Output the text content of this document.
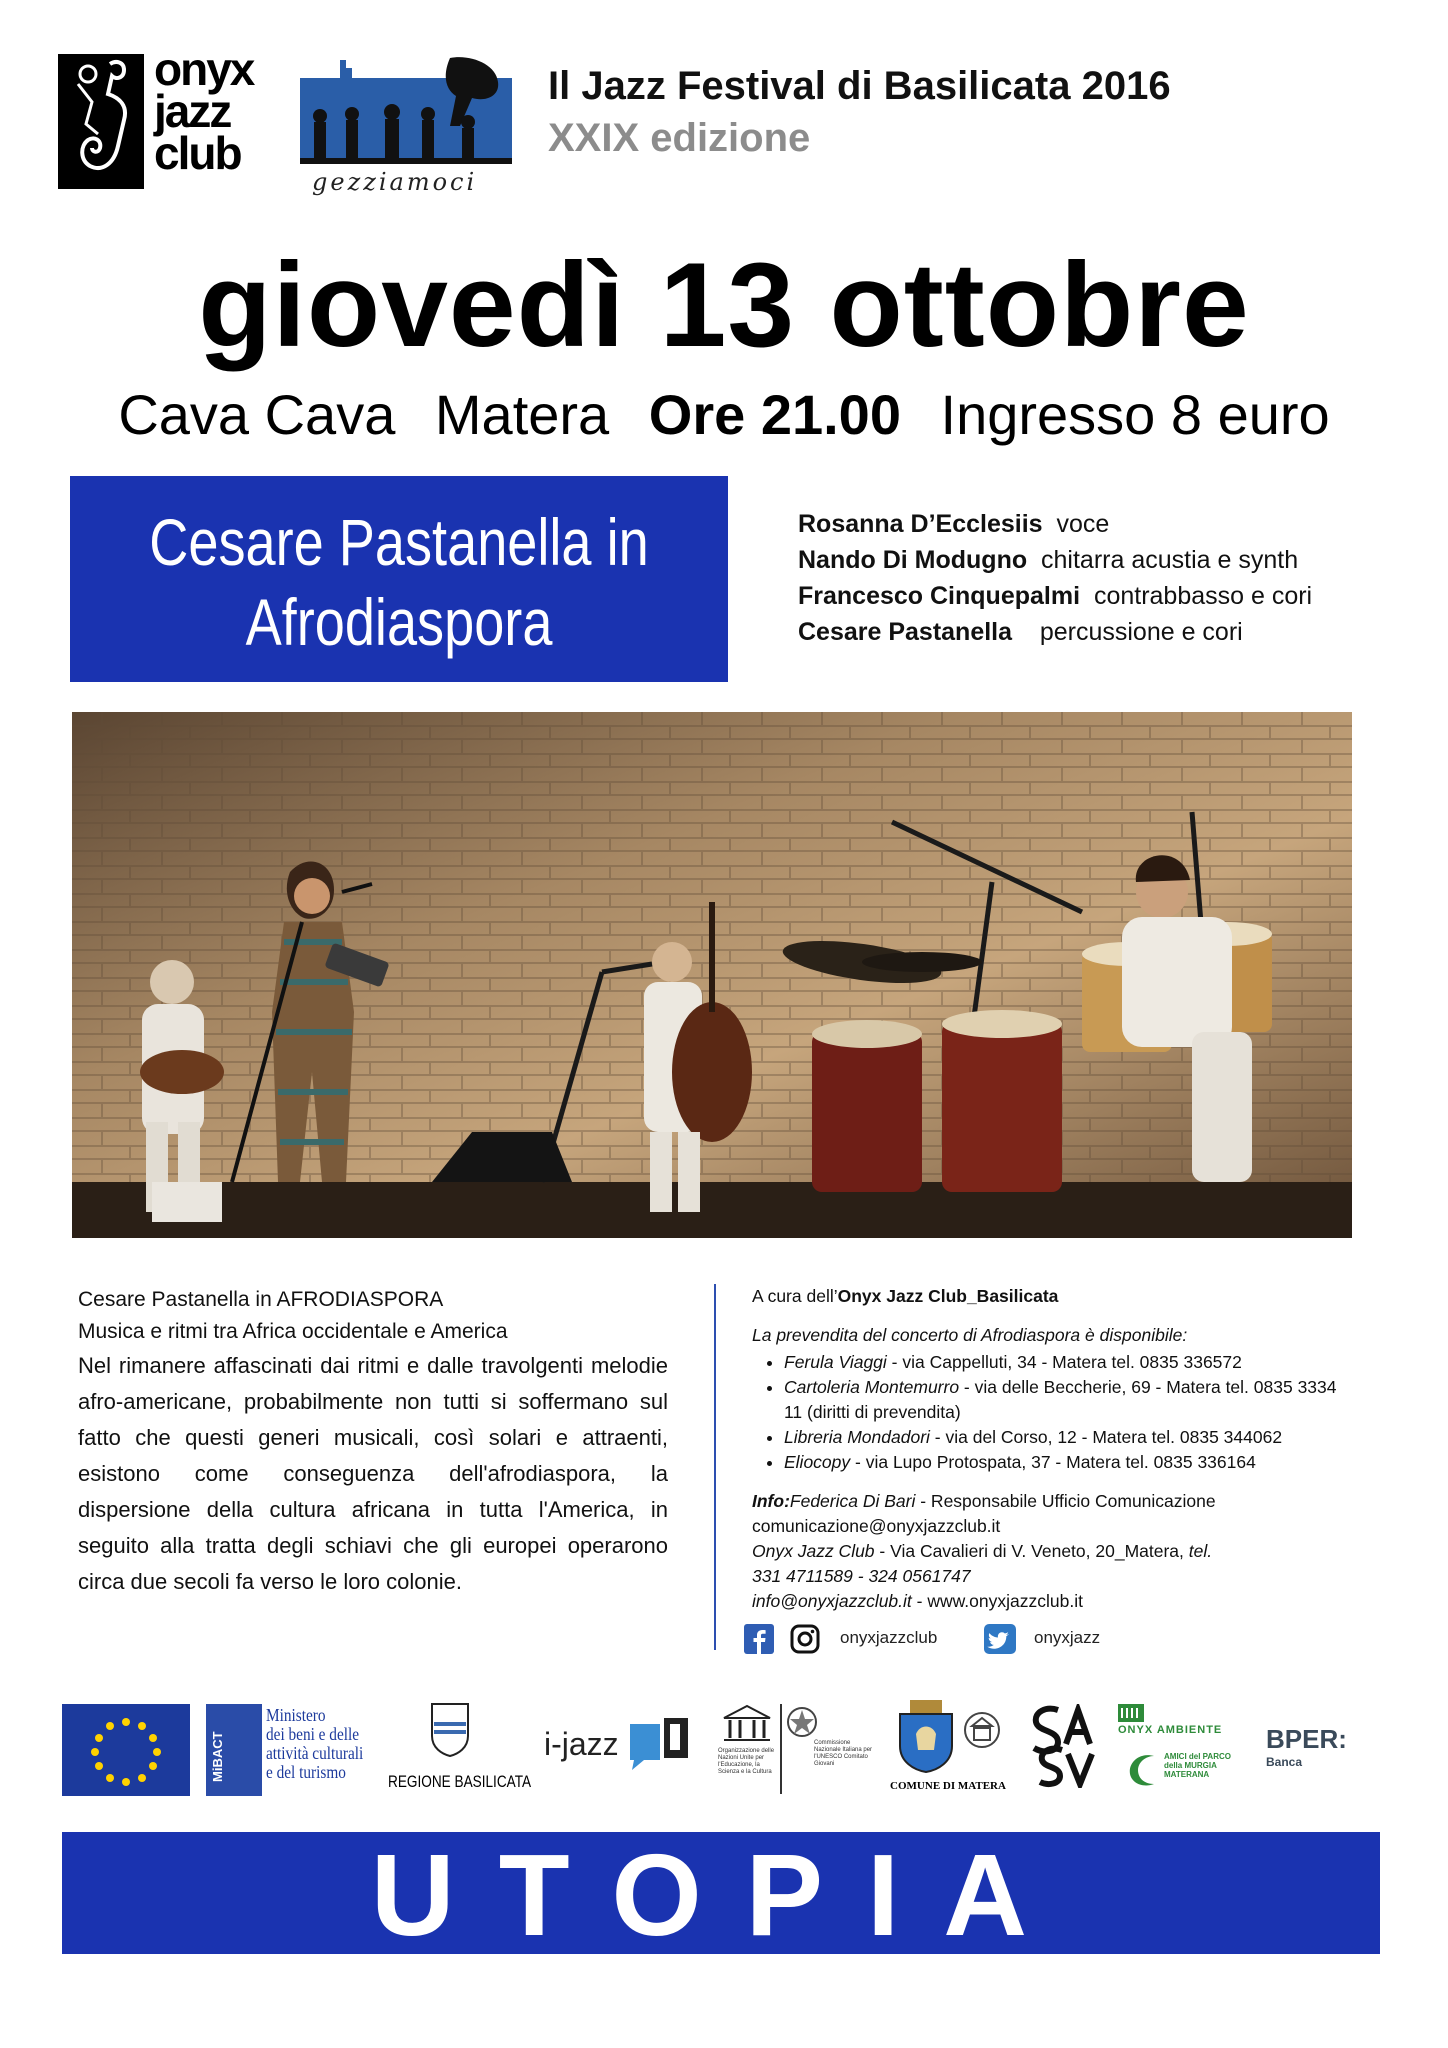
onyx
jazz
club
gezziamoci
Il Jazz Festival di Basilicata 2016
XXIX edizione
giovedì 13 ottobre
Cava Cava Matera Ore 21.00 Ingresso 8 euro
Cesare Pastanella in
Afrodiaspora
Rosanna D’Ecclesiis voce
Nando Di Modugno chitarra acustia e synth
Francesco Cinquepalmi contrabbasso e cori
Cesare Pastanella percussione e cori
Cesare Pastanella in AFRODIASPORA
Musica e ritmi tra Africa occidentale e America
Nel rimanere affascinati dai ritmi e dalle travolgenti melodie afro-americane, probabilmente non tutti si soffermano sul fatto che questi generi musicali, così solari e attraenti, esistono come conseguenza dell'afrodiaspora, la dispersione della cultura africana in tutta l'America, in seguito alla tratta degli schiavi che gli europei operarono circa due secoli fa verso le loro colonie.

A cura dell’Onyx Jazz Club_Basilicata

La prevendita del concerto di Afrodiaspora è disponibile:

• Ferula Viaggi - via Cappelluti, 34 - Matera tel. 0835 336572
• Cartoleria Montemurro - via delle Beccherie, 69 - Matera tel. 0835 3334 11 (diritti di prevendita)
• Libreria Mondadori - via del Corso, 12 - Matera tel. 0835 344062
• Eliocopy - via Lupo Protospata, 37 - Matera tel. 0835 336164

Info:Federica Di Bari - Responsabile Ufficio Comunicazione

comunicazione@onyxjazzclub.it

Onyx Jazz Club - Via Cavalieri di V. Veneto, 20_Matera, tel. 331 4711589 - 324 0561747

info@onyxjazzclub.it - www.onyxjazzclub.it

onyxjazzclub	onyxjazz
MiBACT
Ministero
dei beni e delle
attività culturali
e del turismo	REGIONE BASILICATA
i-jazz	Organizzazione delle Nazioni Unite per l'Educazione, la Scienza e la Cultura
Commissione Nazionale Italiana per l'UNESCO Comitato Giovani
COMUNE DI MATERA
ONYX AMBIENTE
AMICI del PARCO della MURGIA MATERANA
BPER:
Banca
UTOPIA
